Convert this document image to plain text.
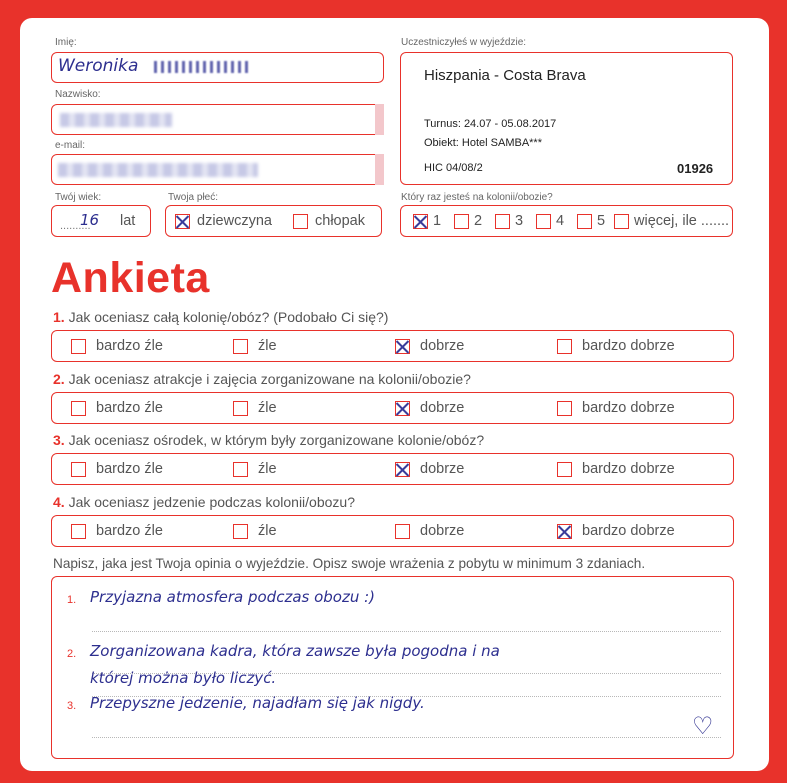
Imię:
Weronika
Nazwisko:
e-mail:
Twój wiek:
..........
16 lat
Twoja płeć:
dziewczyna	chłopak
Uczestniczyłeś w wyjeździe:
Hiszpania - Costa Brava
Turnus: 24.07 - 05.08.2017
Obiekt: Hotel SAMBA***
HIC 04/08/2	01926
Który raz jesteś na kolonii/obozie?
1 2 3 4 5 więcej, ile .......
Ankieta
1. Jak oceniasz całą kolonię/obóz? (Podobało Ci się?)
bardzo źle	źle	dobrze	bardzo dobrze
2. Jak oceniasz atrakcje i zajęcia zorganizowane na kolonii/obozie?
bardzo źle	źle	dobrze	bardzo dobrze
3. Jak oceniasz ośrodek, w którym były zorganizowane kolonie/obóz?
bardzo źle	źle	dobrze	bardzo dobrze
4. Jak oceniasz jedzenie podczas kolonii/obozu?
bardzo źle	źle	dobrze	bardzo dobrze
Napisz, jaka jest Twoja opinia o wyjeździe. Opisz swoje wrażenia z pobytu w minimum 3 zdaniach.
1. Przyjazna atmosfera podczas obozu :)
2. Zorganizowana kadra, która zawsze była pogodna i na
której można było liczyć.
3. Przepyszne jedzenie, najadłam się jak nigdy.
♡
